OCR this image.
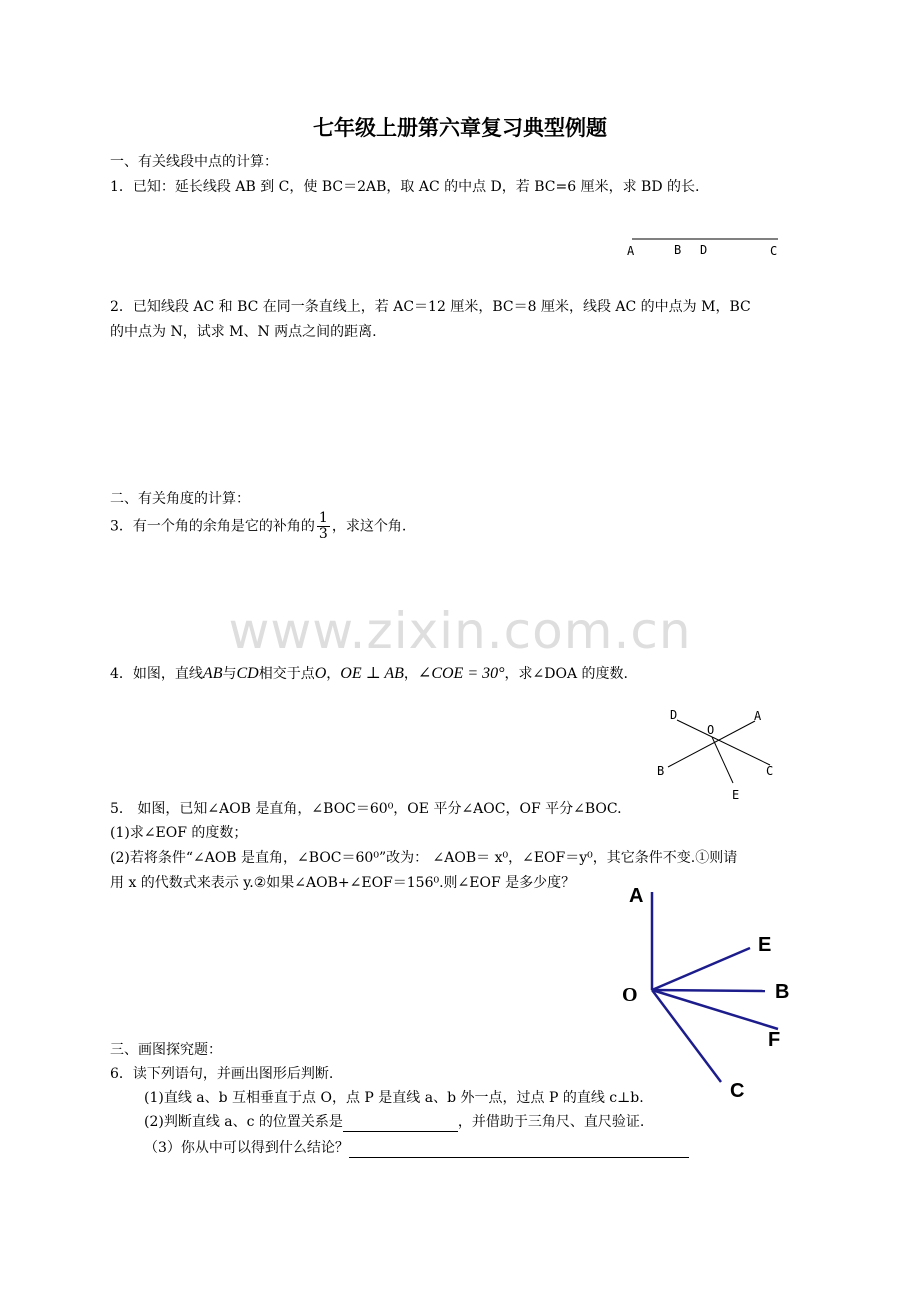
七年级上册第六章复习典型例题
www.zixin.com.cn
一、有关线段中点的计算：
1．已知：延长线段 AB 到 C，使 BC＝2AB，取 AC 的中点 D，若 BC=6 厘米，求 BD 的长.
A	B D	C
2．已知线段 AC 和 BC 在同一条直线上，若 AC＝12 厘米，BC＝8 厘米，线段 AC 的中点为 M，BC
的中点为 N，试求 M、N 两点之间的距离.
二、有关角度的计算：
3．有一个角的余角是它的补角的 $\frac{1}{3}$ ，求这个角.
4．如图，直线AB与CD相交于点O，OE ⊥ AB，∠COE = 30°，求∠DOA 的度数.
D
O
A
B	C
E
5． 如图，已知∠AOB 是直角，∠BOC＝60⁰，OE 平分∠AOC，OF 平分∠BOC.
(1)求∠EOF 的度数；
(2)若将条件“∠AOB 是直角，∠BOC＝60⁰”改为： ∠AOB＝ x⁰，∠EOF＝y⁰，其它条件不变.①则请
用 x 的代数式来表示 y.②如果∠AOB+∠EOF＝156⁰.则∠EOF 是多少度？
A
E
O	B
F
C
三、画图探究题：
6．读下列语句，并画出图形后判断.
(1)直线 a、b 互相垂直于点 O，点 P 是直线 a、b 外一点，过点 P 的直线 c⊥b.
(2)判断直线 a、c 的位置关系是	，并借助于三角尺、直尺验证.
（3）你从中可以得到什么结论？
